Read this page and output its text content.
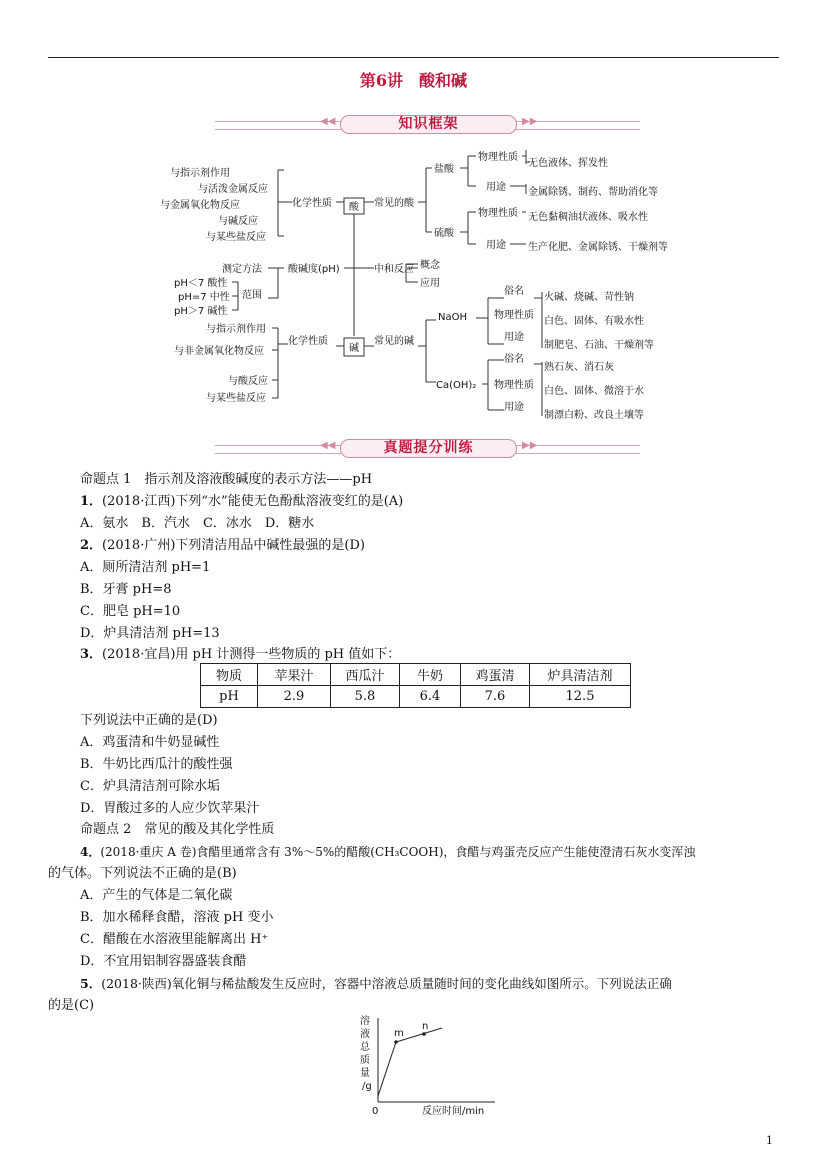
第6讲　酸和碱
◀◀	知识框架	▶▶
与指示剂作用
与活泼金属反应
与金属氧化物反应
与碱反应
与某些盐反应
化学性质 酸 常见的酸
盐酸
硫酸
物理性质
用途
无色液体、挥发性
金属除锈、制药、帮助消化等
物理性质
用途
无色黏稠油状液体、吸水性
生产化肥、金属除锈、干燥剂等
中和反应 概念
应用
酸碱度(pH)
测定方法
范围
pH＜7 酸性
pH=7 中性
pH＞7 碱性
与指示剂作用
与非金属氧化物反应
与酸反应
与某些盐反应
化学性质
碱
常见的碱
NaOH
Ca(OH)₂
俗名
物理性质
用途
火碱、烧碱、苛性钠
白色、固体、有吸水性
制肥皂、石油、干燥剂等
俗名
物理性质
用途
熟石灰、消石灰
白色、固体、微溶于水
制漂白粉、改良土壤等
◀◀	真题提分训练	▶▶
命题点 1　指示剂及溶液酸碱度的表示方法——pH
1．(2018·江西)下列“水”能使无色酚酞溶液变红的是(A)
A．氨水　B．汽水　C．冰水　D．糖水
2．(2018·广州)下列清洁用品中碱性最强的是(D)
A．厕所清洁剂 pH=1
B．牙膏 pH=8
C．肥皂 pH=10
D．炉具清洁剂 pH=13
3．(2018·宜昌)用 pH 计测得一些物质的 pH 值如下：
物质	苹果汁	西瓜汁	牛奶	鸡蛋清	炉具清洁剂
pH	2.9	5.8	6.4	7.6	12.5
下列说法中正确的是(D)
A．鸡蛋清和牛奶显碱性
B．牛奶比西瓜汁的酸性强
C．炉具清洁剂可除水垢
D．胃酸过多的人应少饮苹果汁
命题点 2　常见的酸及其化学性质
4．(2018·重庆 A 卷)食醋里通常含有 3%～5%的醋酸(CH₃COOH)，食醋与鸡蛋壳反应产生能使澄清石灰水变浑浊
的气体。下列说法不正确的是(B)
A．产生的气体是二氧化碳
B．加水稀释食醋，溶液 pH 变小
C．醋酸在水溶液里能解离出 H⁺
D．不宜用铝制容器盛装食醋
5．(2018·陕西)氧化铜与稀盐酸发生反应时，容器中溶液总质量随时间的变化曲线如图所示。下列说法正确
的是(C)
溶
液
总
质
量
/g
0	反应时间/min
m
n
1
